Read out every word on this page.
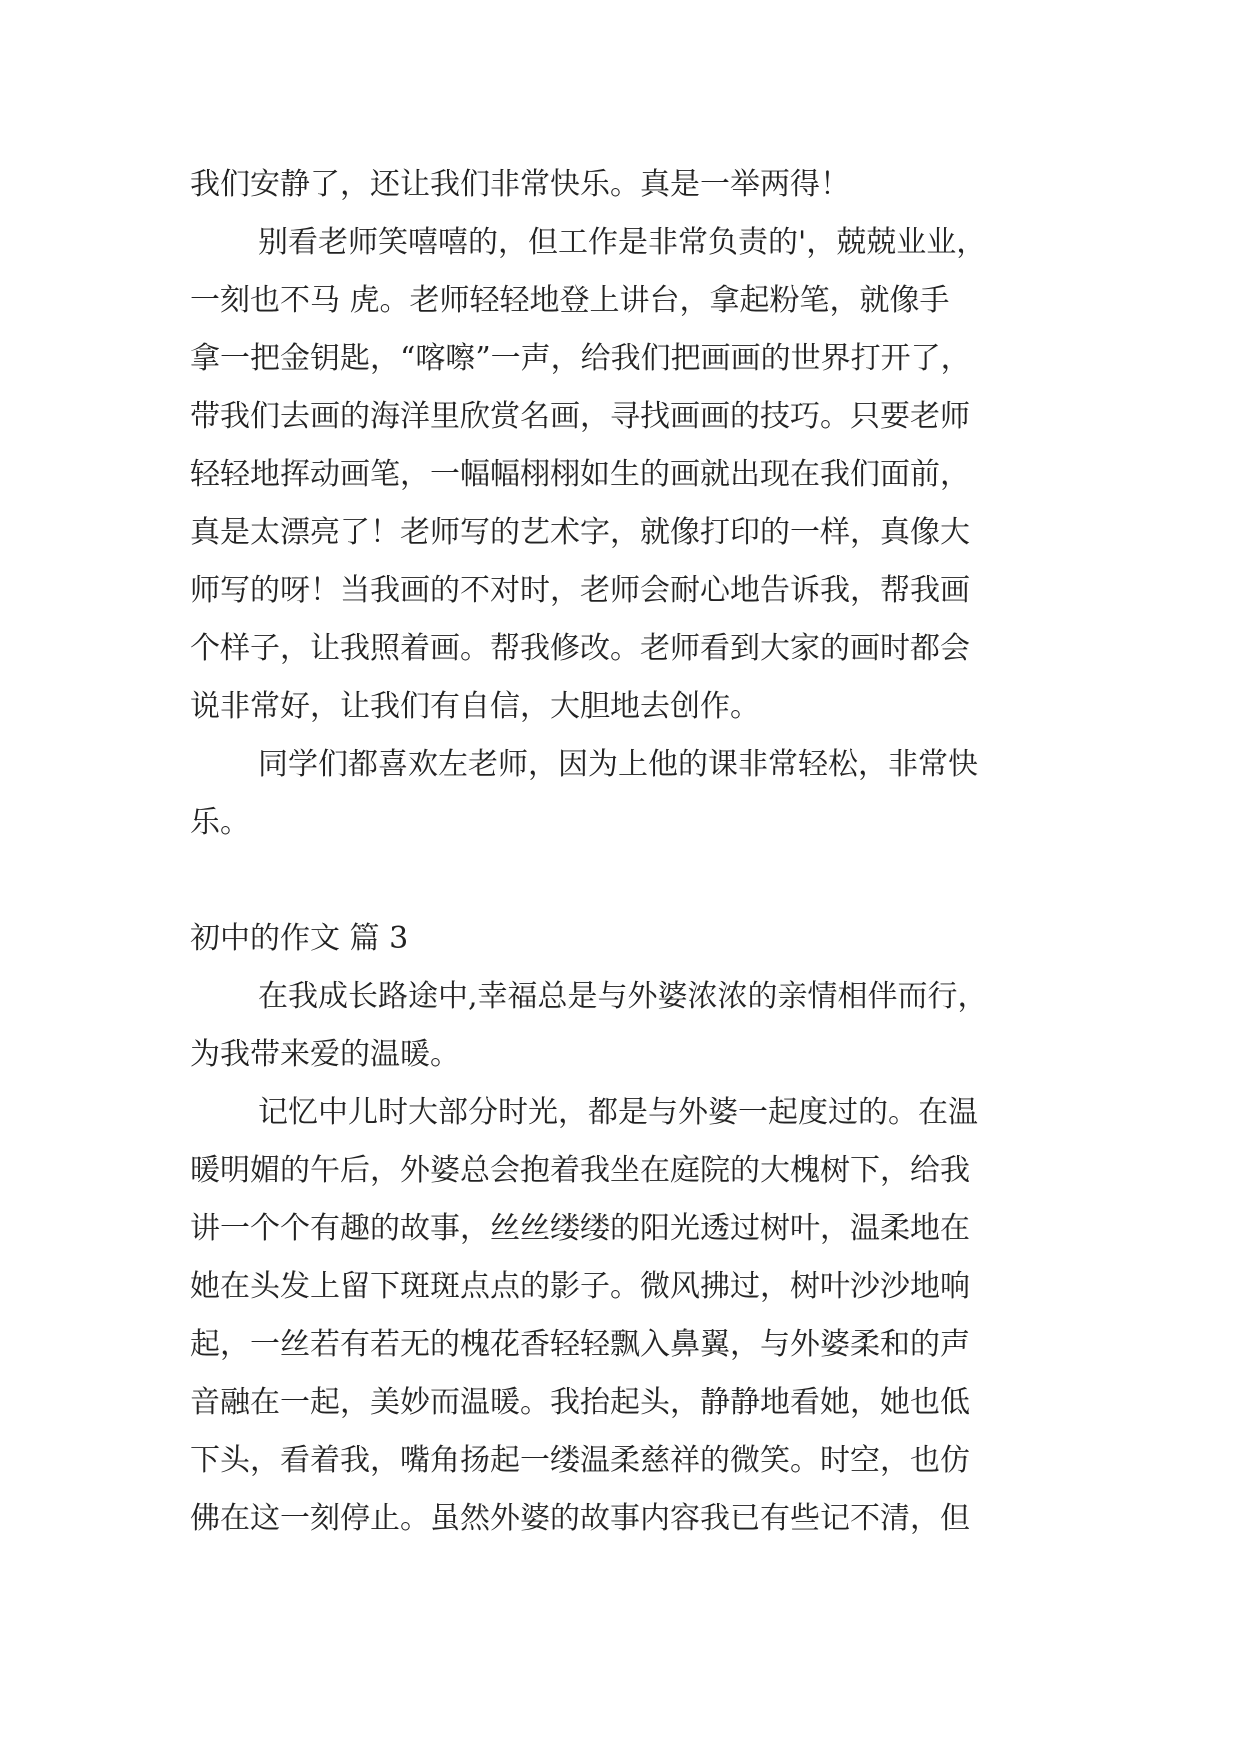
我们安静了，还让我们非常快乐。真是一举两得！
别看老师笑嘻嘻的，但工作是非常负责的'，兢兢业业，
一刻也不马 虎。老师轻轻地登上讲台，拿起粉笔，就像手
拿一把金钥匙，“喀嚓”一声，给我们把画画的世界打开了，
带我们去画的海洋里欣赏名画，寻找画画的技巧。只要老师
轻轻地挥动画笔，一幅幅栩栩如生的画就出现在我们面前，
真是太漂亮了！老师写的艺术字，就像打印的一样，真像大
师写的呀！当我画的不对时，老师会耐心地告诉我，帮我画
个样子，让我照着画。帮我修改。老师看到大家的画时都会
说非常好，让我们有自信，大胆地去创作。
同学们都喜欢左老师，因为上他的课非常轻松，非常快
乐。
初中的作文 篇 3
在我成长路途中,幸福总是与外婆浓浓的亲情相伴而行，
为我带来爱的温暖。
记忆中儿时大部分时光，都是与外婆一起度过的。在温
暖明媚的午后，外婆总会抱着我坐在庭院的大槐树下，给我
讲一个个有趣的故事，丝丝缕缕的阳光透过树叶，温柔地在
她在头发上留下斑斑点点的影子。微风拂过，树叶沙沙地响
起，一丝若有若无的槐花香轻轻飘入鼻翼，与外婆柔和的声
音融在一起，美妙而温暖。我抬起头，静静地看她，她也低
下头，看着我，嘴角扬起一缕温柔慈祥的微笑。时空，也仿
佛在这一刻停止。虽然外婆的故事内容我已有些记不清，但
